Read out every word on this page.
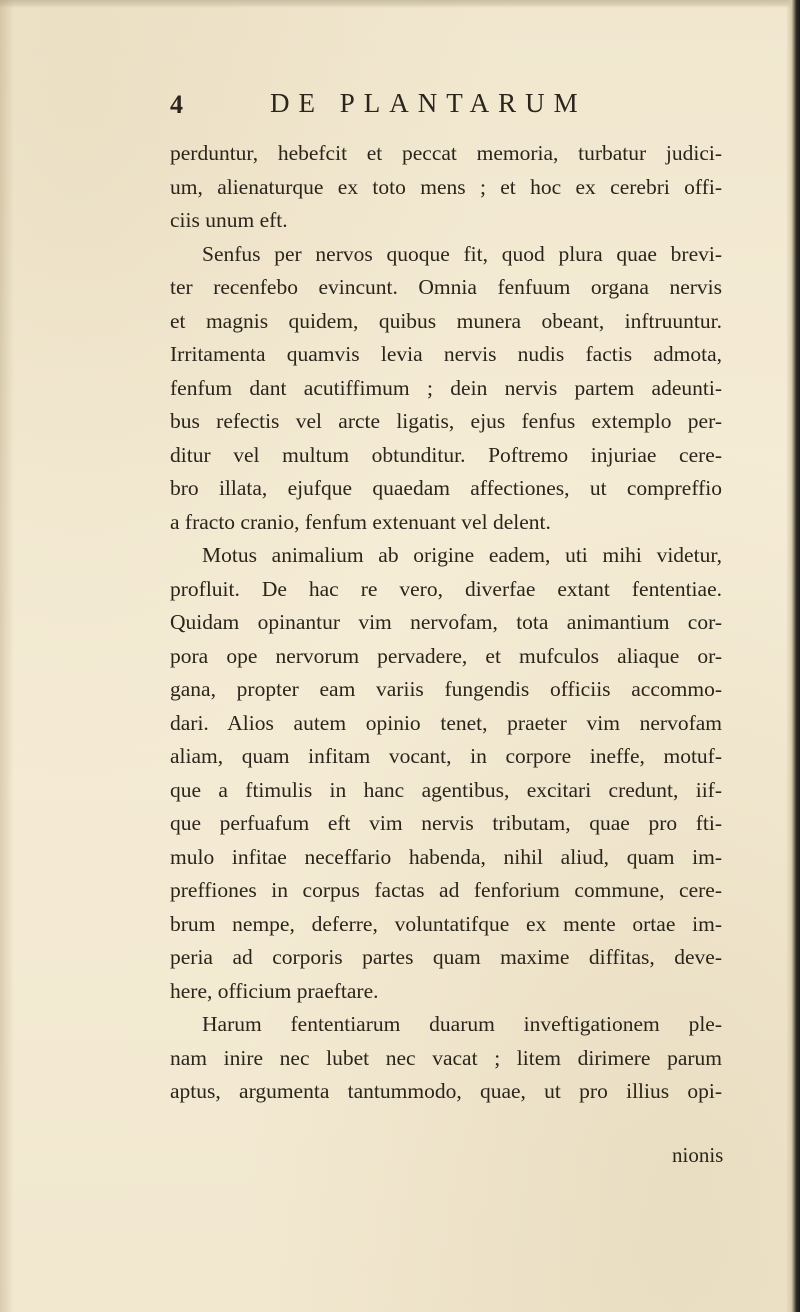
4	DE PLANTARUM
perduntur, hebefcit et peccat memoria, turbatur judici-
um, alienaturque ex toto mens ; et hoc ex cerebri offi-
ciis unum eft.
Senfus per nervos quoque fit, quod plura quae brevi-
ter recenfebo evincunt. Omnia fenfuum organa nervis
et magnis quidem, quibus munera obeant, inftruuntur.
Irritamenta quamvis levia nervis nudis factis admota,
fenfum dant acutiffimum ; dein nervis partem adeunti-
bus refectis vel arcte ligatis, ejus fenfus extemplo per-
ditur vel multum obtunditur. Poftremo injuriae cere-
bro illata, ejufque quaedam affectiones, ut compreffio
a fracto cranio, fenfum extenuant vel delent.
Motus animalium ab origine eadem, uti mihi videtur,
profluit. De hac re vero, diverfae extant fententiae.
Quidam opinantur vim nervofam, tota animantium cor-
pora ope nervorum pervadere, et mufculos aliaque or-
gana, propter eam variis fungendis officiis accommo-
dari. Alios autem opinio tenet, praeter vim nervofam
aliam, quam infitam vocant, in corpore ineffe, motuf-
que a ftimulis in hanc agentibus, excitari credunt, iif-
que perfuafum eft vim nervis tributam, quae pro fti-
mulo infitae neceffario habenda, nihil aliud, quam im-
preffiones in corpus factas ad fenforium commune, cere-
brum nempe, deferre, voluntatifque ex mente ortae im-
peria ad corporis partes quam maxime diffitas, deve-
here, officium praeftare.
Harum fententiarum duarum inveftigationem ple-
nam inire nec lubet nec vacat ; litem dirimere parum
aptus, argumenta tantummodo, quae, ut pro illius opi-
nionis
